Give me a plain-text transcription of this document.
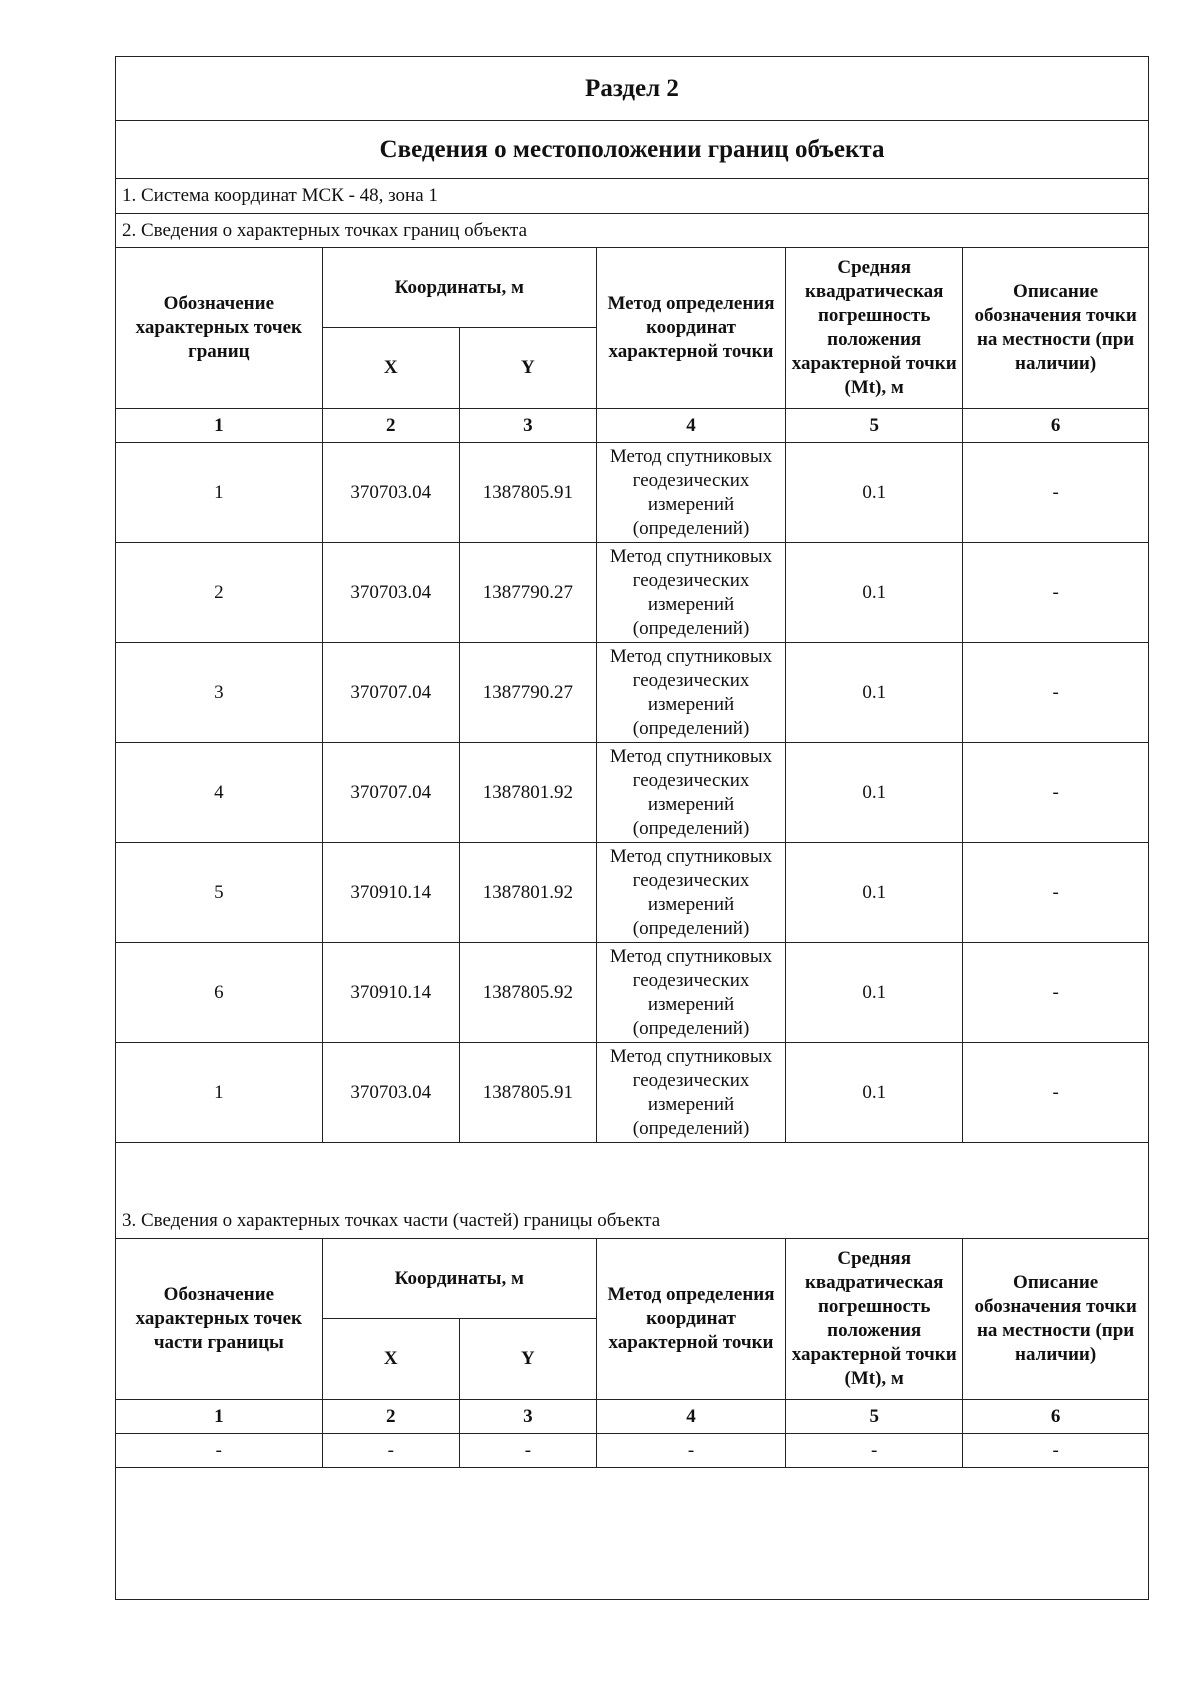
Раздел 2
Сведения о местоположении границ объекта
1. Система координат МСК - 48, зона 1
2. Сведения о характерных точках границ объекта
Обозначение характерных точек границ	Координаты, м		Метод определения координат характерной точки	Средняя квадратическая погрешность положения характерной точки (Mt), м	Описание обозначения точки на местности (при наличии)
	X	Y			
1	2	3	4	5	6
1	370703.04	1387805.91	Метод спутниковых геодезических измерений (определений)	0.1	-
2	370703.04	1387790.27	Метод спутниковых геодезических измерений (определений)	0.1	-
3	370707.04	1387790.27	Метод спутниковых геодезических измерений (определений)	0.1	-
4	370707.04	1387801.92	Метод спутниковых геодезических измерений (определений)	0.1	-
5	370910.14	1387801.92	Метод спутниковых геодезических измерений (определений)	0.1	-
6	370910.14	1387805.92	Метод спутниковых геодезических измерений (определений)	0.1	-
1	370703.04	1387805.91	Метод спутниковых геодезических измерений (определений)	0.1	-
3. Сведения о характерных точках части (частей) границы объекта
Обозначение характерных точек части границы	Координаты, м		Метод определения координат характерной точки	Средняя квадратическая погрешность положения характерной точки (Mt), м	Описание обозначения точки на местности (при наличии)
	X	Y			
1	2	3	4	5	6
-	-	-	-	-	-
